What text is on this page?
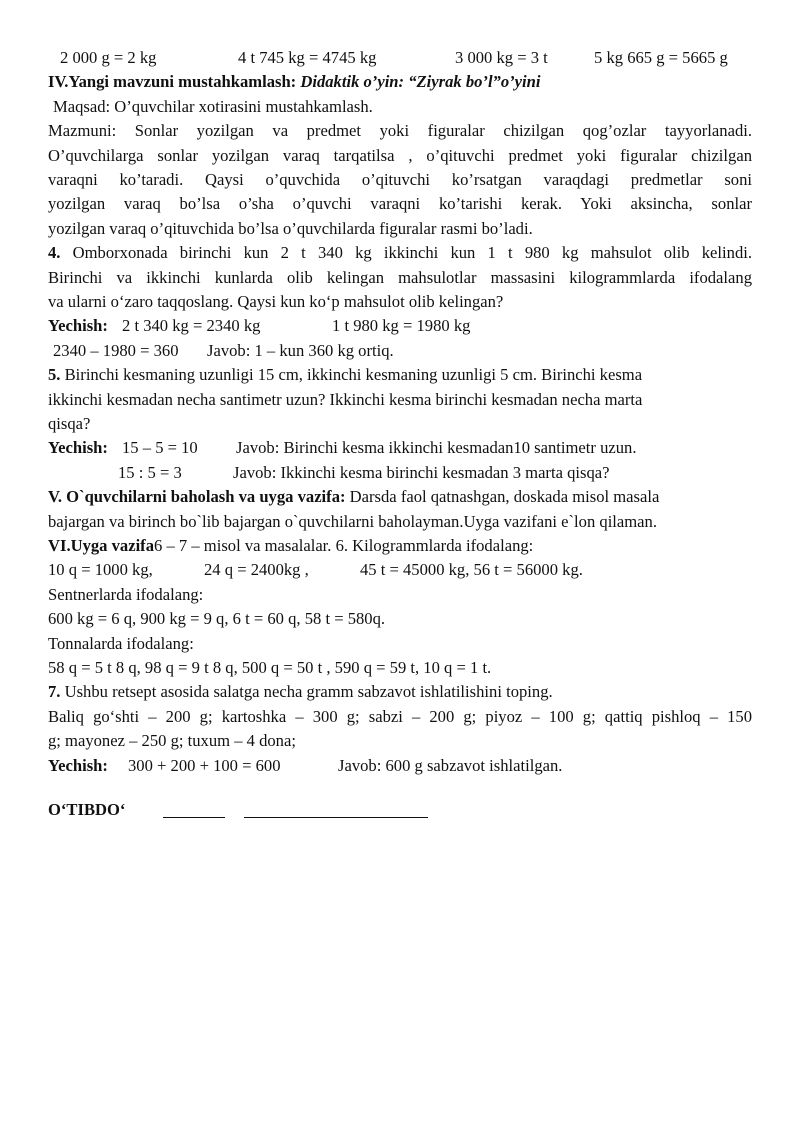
2 000 g = 2 kg	4 t 745 kg = 4745 kg	3 000 kg = 3 t	5 kg 665 g = 5665 g
IV.Yangi mavzuni mustahkamlash: Didaktik o’yin: “Ziyrak bo’l”o’yini
Maqsad: O’quvchilar xotirasini mustahkamlash.
Mazmuni: Sonlar yozilgan va predmet yoki figuralar chizilgan qog’ozlar tayyorlanadi.
O’quvchilarga sonlar yozilgan varaq tarqatilsa , o’qituvchi predmet yoki figuralar chizilgan
varaqni ko’taradi. Qaysi o’quvchida o’qituvchi ko’rsatgan varaqdagi predmetlar soni
yozilgan varaq bo’lsa o’sha o’quvchi varaqni ko’tarishi kerak. Yoki aksincha, sonlar
yozilgan varaq o’qituvchida bo’lsa o’quvchilarda figuralar rasmi bo’ladi.
4. Omborxonada birinchi kun 2 t 340 kg ikkinchi kun 1 t 980 kg mahsulot olib kelindi.
Birinchi va ikkinchi kunlarda olib kelingan mahsulotlar massasini kilogrammlarda ifodalang
va ularni o‘zaro taqqoslang. Qaysi kun ko‘p mahsulot olib kelingan?
Yechish: 2 t 340 kg = 2340 kg	1 t 980 kg = 1980 kg
2340 – 1980 = 360 Javob: 1 – kun 360 kg ortiq.
5. Birinchi kesmaning uzunligi 15 cm, ikkinchi kesmaning uzunligi 5 cm. Birinchi kesma
ikkinchi kesmadan necha santimetr uzun? Ikkinchi kesma birinchi kesmadan necha marta
qisqa?
Yechish: 15 – 5 = 10 Javob: Birinchi kesma ikkinchi kesmadan10 santimetr uzun.
15 : 5 = 3	Javob: Ikkinchi kesma birinchi kesmadan 3 marta qisqa?
V. O`quvchilarni baholash va uyga vazifa: Darsda faol qatnashgan, doskada misol masala
bajargan va birinch bo`lib bajargan o`quvchilarni baholayman.Uyga vazifani e`lon qilaman.
VI.Uyga vazifa6 – 7 – misol va masalalar. 6. Kilogrammlarda ifodalang:
10 q = 1000 kg,	24 q = 2400kg ,	45 t = 45000 kg, 56 t = 56000 kg.
Sentnerlarda ifodalang:
600 kg = 6 q, 900 kg = 9 q, 6 t = 60 q, 58 t = 580q.
Tonnalarda ifodalang:
58 q = 5 t 8 q, 98 q = 9 t 8 q, 500 q = 50 t , 590 q = 59 t, 10 q = 1 t.
7. Ushbu retsept asosida salatga necha gramm sabzavot ishlatilishini toping.
Baliq go‘shti – 200 g; kartoshka – 300 g; sabzi – 200 g; piyoz – 100 g; qattiq pishloq – 150
g; mayonez – 250 g; tuxum – 4 dona;
Yechish: 300 + 200 + 100 = 600	Javob: 600 g sabzavot ishlatilgan.
O‘TIBDO‘
